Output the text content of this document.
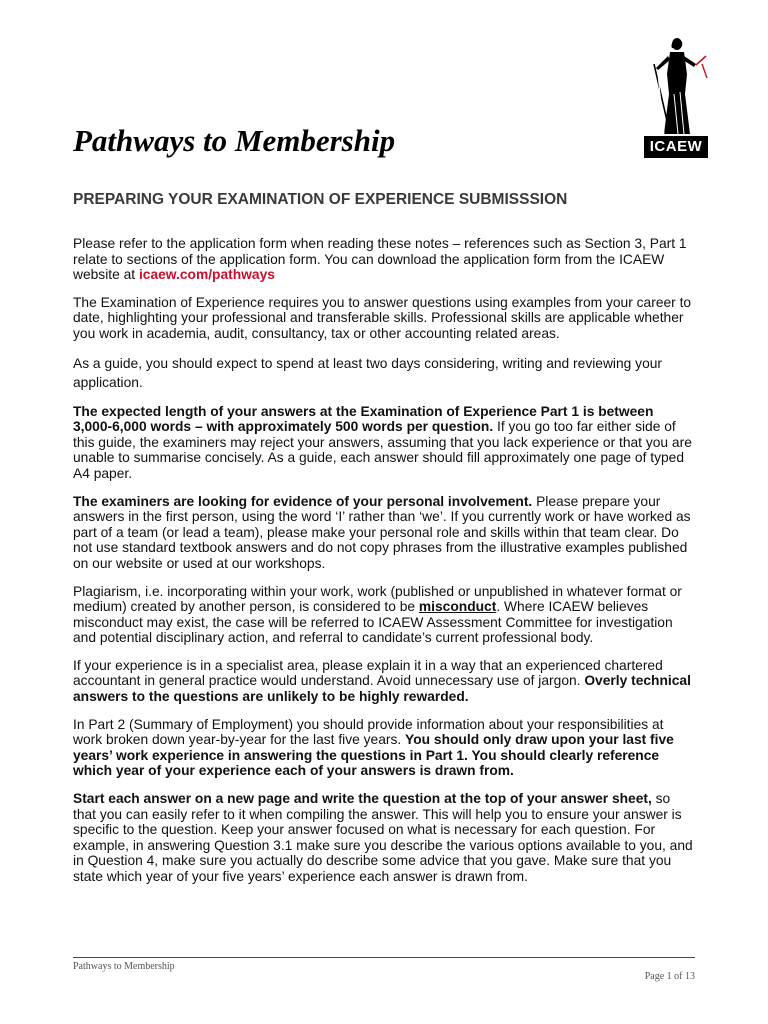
ICAEW
Pathways to Membership
PREPARING YOUR EXAMINATION OF EXPERIENCE SUBMISSSION

Please refer to the application form when reading these notes – references such as Section 3, Part 1 relate to sections of the application form. You can download the application form from the ICAEW website at icaew.com/pathways

The Examination of Experience requires you to answer questions using examples from your career to date, highlighting your professional and transferable skills. Professional skills are applicable whether you work in academia, audit, consultancy, tax or other accounting related areas.

As a guide, you should expect to spend at least two days considering, writing and reviewing your application.

The expected length of your answers at the Examination of Experience Part 1 is between 3,000-6,000 words – with approximately 500 words per question. If you go too far either side of this guide, the examiners may reject your answers, assuming that you lack experience or that you are unable to summarise concisely. As a guide, each answer should fill approximately one page of typed A4 paper.

The examiners are looking for evidence of your personal involvement. Please prepare your answers in the first person, using the word ‘I’ rather than ‘we’. If you currently work or have worked as part of a team (or lead a team), please make your personal role and skills within that team clear. Do not use standard textbook answers and do not copy phrases from the illustrative examples published on our website or used at our workshops.

Plagiarism, i.e. incorporating within your work, work (published or unpublished in whatever format or medium) created by another person, is considered to be misconduct. Where ICAEW believes misconduct may exist, the case will be referred to ICAEW Assessment Committee for investigation and potential disciplinary action, and referral to candidate’s current professional body.

If your experience is in a specialist area, please explain it in a way that an experienced chartered accountant in general practice would understand. Avoid unnecessary use of jargon. Overly technical answers to the questions are unlikely to be highly rewarded.

In Part 2 (Summary of Employment) you should provide information about your responsibilities at work broken down year-by-year for the last five years. You should only draw upon your last five years’ work experience in answering the questions in Part 1. You should clearly reference which year of your experience each of your answers is drawn from.

Start each answer on a new page and write the question at the top of your answer sheet, so that you can easily refer to it when compiling the answer. This will help you to ensure your answer is specific to the question. Keep your answer focused on what is necessary for each question. For example, in answering Question 3.1 make sure you describe the various options available to you, and in Question 4, make sure you actually do describe some advice that you gave. Make sure that you state which year of your five years’ experience each answer is drawn from.

Pathways to Membership
Page 1 of 13
